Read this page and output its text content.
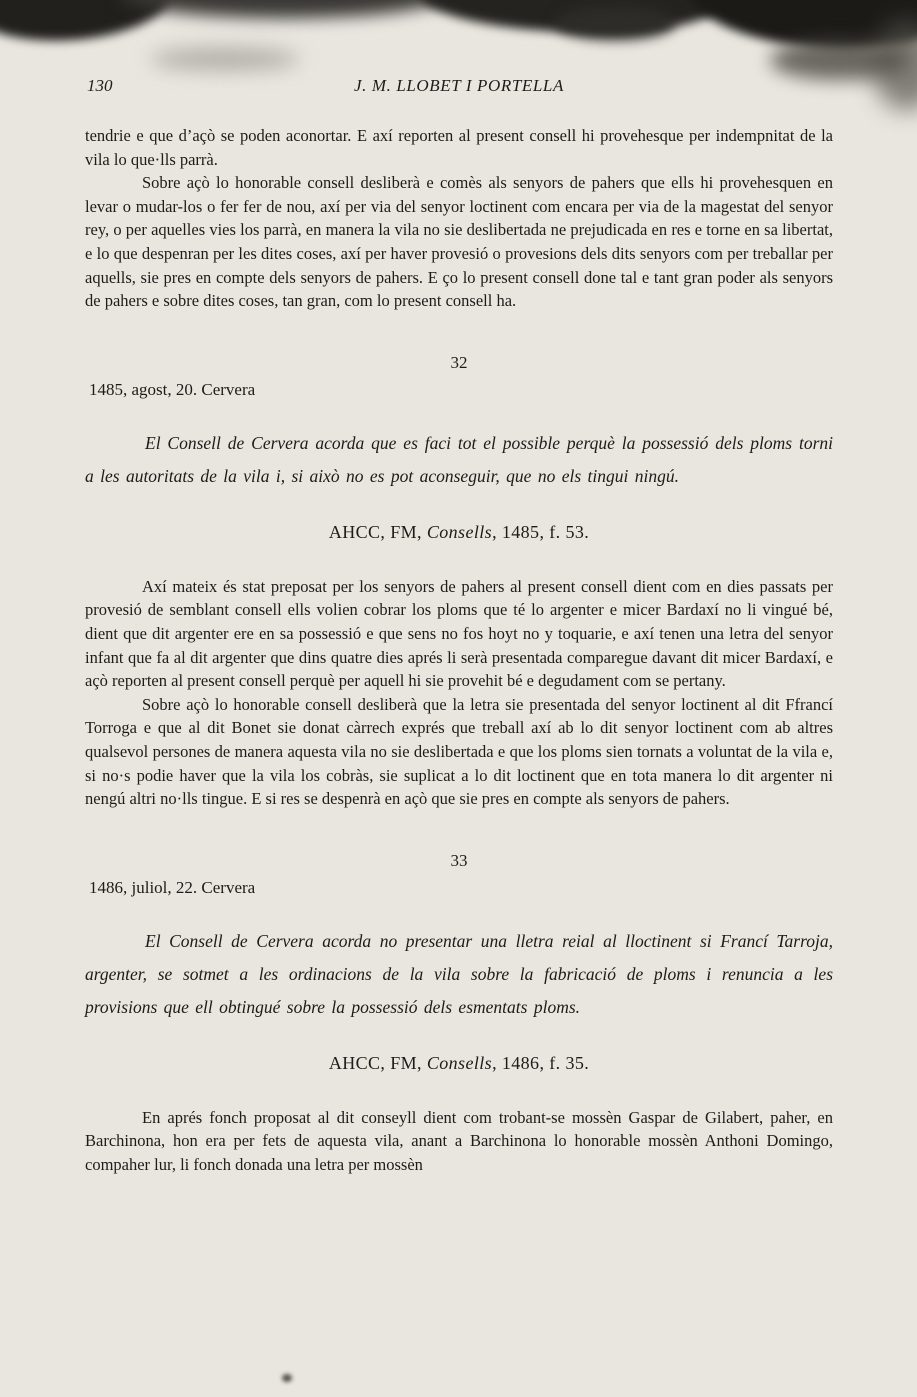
130	J. M. LLOBET I PORTELLA

tendrie e que d’açò se poden aconortar. E axí reporten al present consell hi provehesque per indempnitat de la vila lo que·lls parrà.

Sobre açò lo honorable consell desliberà e comès als senyors de pahers que ells hi provehesquen en levar o mudar-los o fer fer de nou, axí per via del senyor loctinent com encara per via de la magestat del senyor rey, o per aquelles vies los parrà, en manera la vila no sie deslibertada ne prejudicada en res e torne en sa libertat, e lo que despenran per les dites coses, axí per haver provesió o provesions dels dits senyors com per treballar per aquells, sie pres en compte dels senyors de pahers. E ço lo present consell done tal e tant gran poder als senyors de pahers e sobre dites coses, tan gran, com lo present consell ha.

32
1485, agost, 20. Cervera

El Consell de Cervera acorda que es faci tot el possible perquè la possessió dels ploms torni a les autoritats de la vila i, si això no es pot aconseguir, que no els tingui ningú.

AHCC, FM, Consells, 1485, f. 53.

Axí mateix és stat preposat per los senyors de pahers al present consell dient com en dies passats per provesió de semblant consell ells volien cobrar los ploms que té lo argenter e micer Bardaxí no li vingué bé, dient que dit argenter ere en sa possessió e que sens no fos hoyt no y toquarie, e axí tenen una letra del senyor infant que fa al dit argenter que dins quatre dies aprés li serà presentada comparegue davant dit micer Bardaxí, e açò reporten al present consell perquè per aquell hi sie provehit bé e degudament com se pertany.

Sobre açò lo honorable consell desliberà que la letra sie presentada del senyor loctinent al dit Ffrancí Torroga e que al dit Bonet sie donat càrrech exprés que treball axí ab lo dit senyor loctinent com ab altres qualsevol persones de manera aquesta vila no sie deslibertada e que los ploms sien tornats a voluntat de la vila e, si no·s podie haver que la vila los cobràs, sie suplicat a lo dit loctinent que en tota manera lo dit argenter ni nengú altri no·lls tingue. E si res se despenrà en açò que sie pres en compte als senyors de pahers.

33
1486, juliol, 22. Cervera

El Consell de Cervera acorda no presentar una lletra reial al lloctinent si Francí Tarroja, argenter, se sotmet a les ordinacions de la vila sobre la fabricació de ploms i renuncia a les provisions que ell obtingué sobre la possessió dels esmentats ploms.

AHCC, FM, Consells, 1486, f. 35.

En aprés fonch proposat al dit conseyll dient com trobant-se mossèn Gaspar de Gilabert, paher, en Barchinona, hon era per fets de aquesta vila, anant a Barchinona lo honorable mossèn Anthoni Domingo, compaher lur, li fonch donada una letra per mossèn
